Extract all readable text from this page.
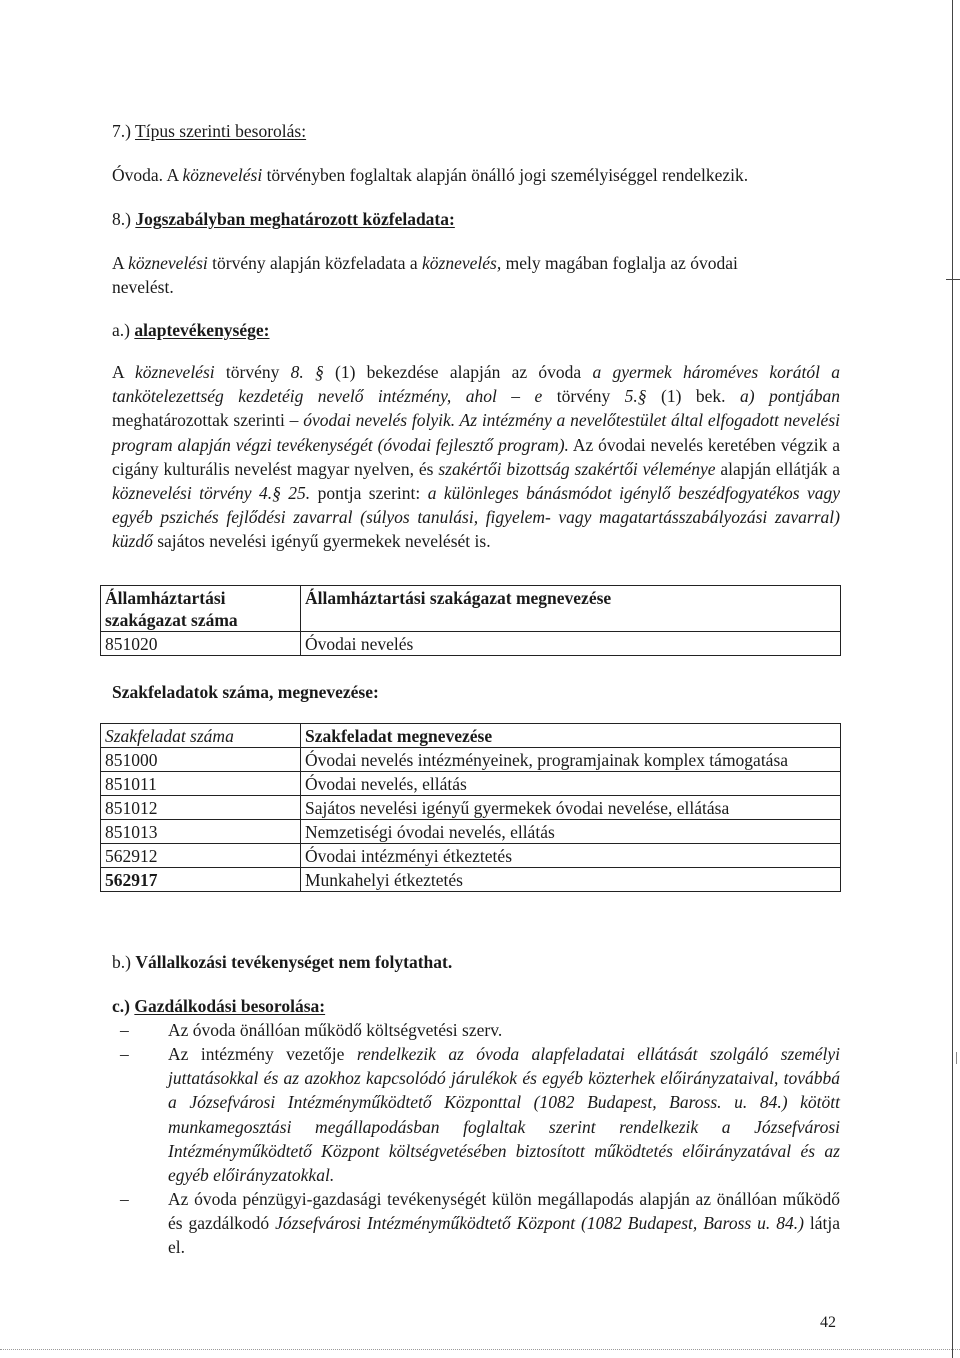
7.) Típus szerinti besorolás:

Óvoda. A köznevelési törvényben foglaltak alapján önálló jogi személyiséggel rendelkezik.

8.) Jogszabályban meghatározott közfeladata:

A köznevelési törvény alapján közfeladata a köznevelés, mely magában foglalja az óvodai

nevelést.

a.) alaptevékenysége:

A köznevelési törvény 8. § (1) bekezdése alapján az óvoda a gyermek hároméves korától a tankötelezettség kezdetéig nevelő intézmény, ahol – e törvény 5.§ (1) bek. a) pontjában meghatározottak szerinti – óvodai nevelés folyik. Az intézmény a nevelőtestület által elfogadott nevelési program alapján végzi tevékenységét (óvodai fejlesztő program). Az óvodai nevelés keretében végzik a cigány kulturális nevelést magyar nyelven, és szakértői bizottság szakértői véleménye alapján ellátják a köznevelési törvény 4.§ 25. pontja szerint: a különleges bánásmódot igénylő beszédfogyatékos vagy egyéb pszichés fejlődési zavarral (súlyos tanulási, figyelem- vagy magatartásszabályozási zavarral) küzdő sajátos nevelési igényű gyermekek nevelését is.

Államháztartási
szakágazat száma	Államháztartási szakágazat megnevezése
851020	Óvodai nevelés

Szakfeladatok száma, megnevezése:

Szakfeladat száma	Szakfeladat megnevezése
851000	Óvodai nevelés intézményeinek, programjainak komplex támogatása
851011	Óvodai nevelés, ellátás
851012	Sajátos nevelési igényű gyermekek óvodai nevelése, ellátása
851013	Nemzetiségi óvodai nevelés, ellátás
562912	Óvodai intézményi étkeztetés
562917	Munkahelyi étkeztetés

b.) Vállalkozási tevékenységet nem folytathat.

c.) Gazdálkodási besorolása:

–	Az óvoda önállóan működő költségvetési szerv.
–	Az intézmény vezetője rendelkezik az óvoda alapfeladatai ellátását szolgáló személyi juttatásokkal és az azokhoz kapcsolódó járulékok és egyéb közterhek előirányzataival, továbbá a Józsefvárosi Intézményműködtető Központtal (1082 Budapest, Baross. u. 84.) kötött munkamegosztási megállapodásban foglaltak szerint rendelkezik a Józsefvárosi Intézményműködtető Központ költségvetésében biztosított működtetés előirányzatával és az egyéb előirányzatokkal.

–	Az óvoda pénzügyi-gazdasági tevékenységét külön megállapodás alapján az önállóan működő és gazdálkodó Józsefvárosi Intézményműködtető Központ (1082 Budapest, Baross u. 84.) látja el.

42
